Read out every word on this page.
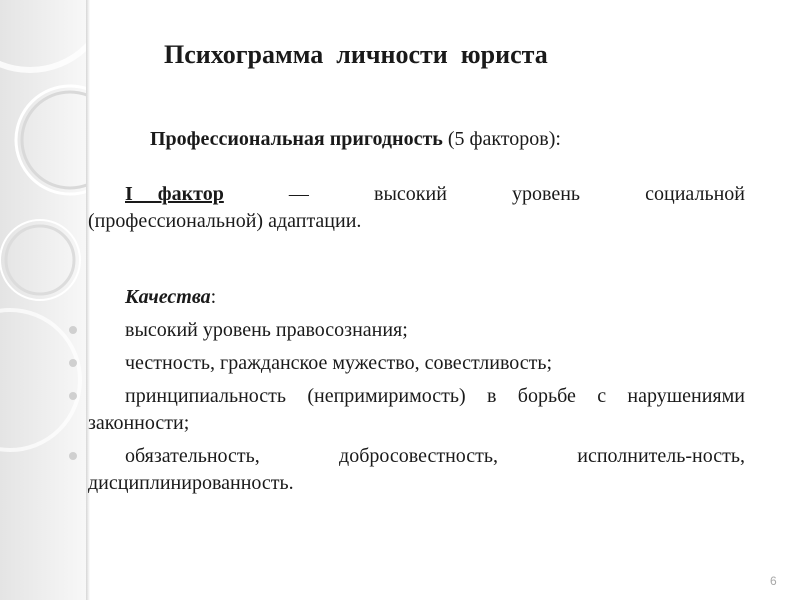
Психограмма  личности  юриста
Профессиональная пригодность (5 факторов):
I фактор	—	высокий	уровень	социальной
(профессиональной) адаптации.
Качества:
высокий уровень правосознания;
честность, гражданское мужество, совестливость;
принципиальность (непримиримость) в борьбе с нарушениями законности;
обязательность, добросовестность, исполнитель-ность, дисциплинированность.
6
